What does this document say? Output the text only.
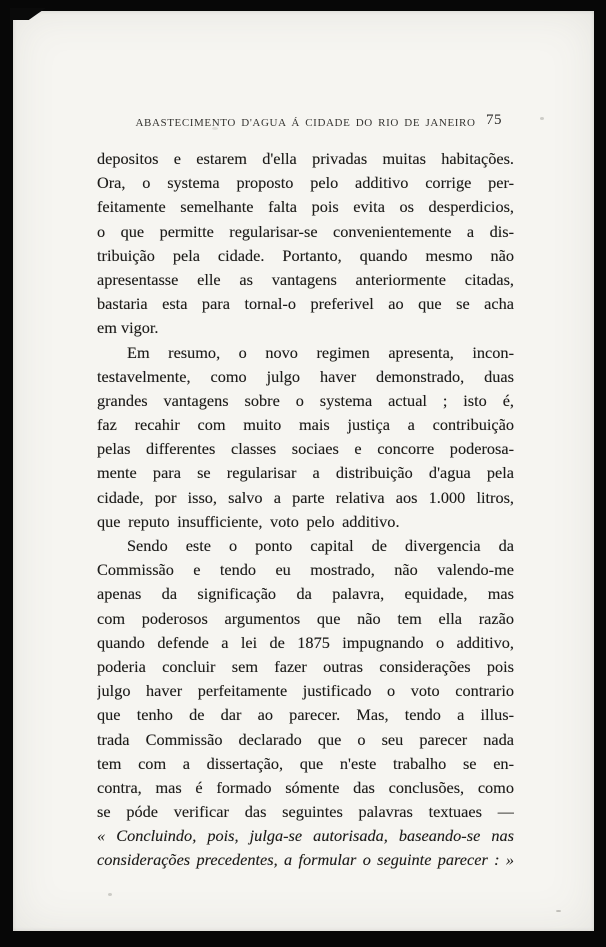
ABASTECIMENTO D'AGUA Á CIDADE DO RIO DE JANEIRO 75
depositos e estarem d'ella privadas muitas habitações.
Ora, o systema proposto pelo additivo corrige per-
feitamente semelhante falta pois evita os desperdicios,
o que permitte regularisar-se convenientemente a dis-
tribuição pela cidade. Portanto, quando mesmo não
apresentasse elle as vantagens anteriormente citadas,
bastaria esta para tornal-o preferivel ao que se acha
em vigor.
Em resumo, o novo regimen apresenta, incon-
testavelmente, como julgo haver demonstrado, duas
grandes vantagens sobre o systema actual ; isto é,
faz recahir com muito mais justiça a contribuição
pelas differentes classes sociaes e concorre poderosa-
mente para se regularisar a distribuição d'agua pela
cidade, por isso, salvo a parte relativa aos 1.000 litros,
que reputo insufficiente, voto pelo additivo.
Sendo este o ponto capital de divergencia da
Commissão e tendo eu mostrado, não valendo-me
apenas da significação da palavra, equidade, mas
com poderosos argumentos que não tem ella razão
quando defende a lei de 1875 impugnando o additivo,
poderia concluir sem fazer outras considerações pois
julgo haver perfeitamente justificado o voto contrario
que tenho de dar ao parecer. Mas, tendo a illus-
trada Commissão declarado que o seu parecer nada
tem com a dissertação, que n'este trabalho se en-
contra, mas é formado sómente das conclusões, como
se póde verificar das seguintes palavras textuaes —
« Concluindo, pois, julga-se autorisada, baseando-se nas
considerações precedentes, a formular o seguinte parecer : »
